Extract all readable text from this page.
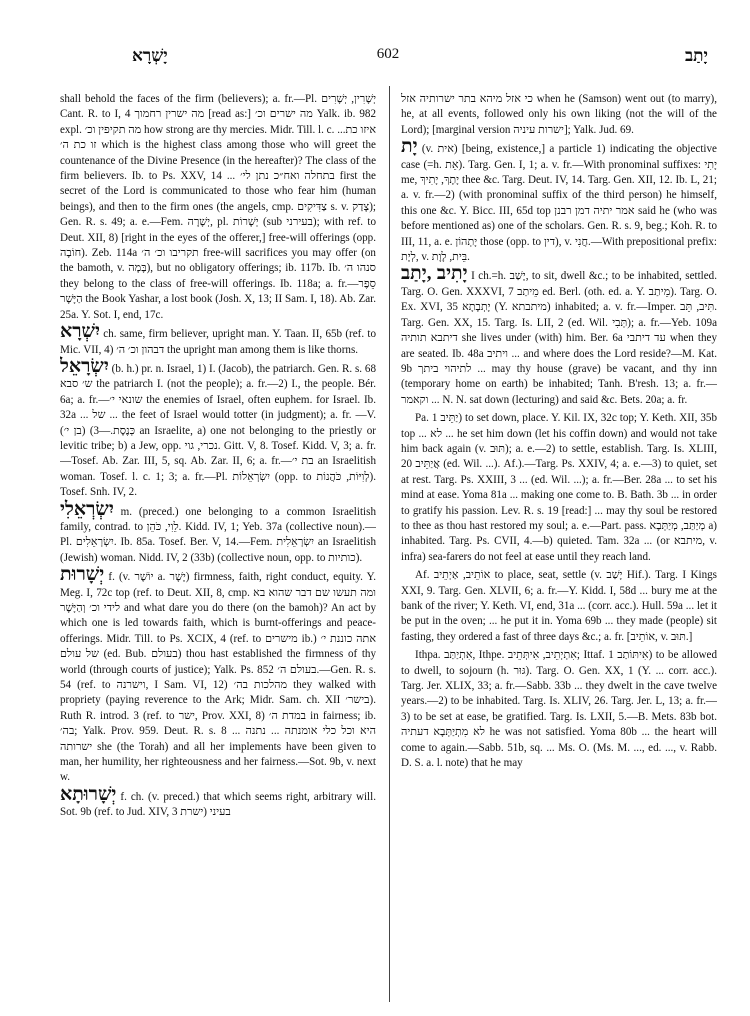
יָשְׁרָא	602	יָתַב

shall behold the faces of the firm (believers); a. fr.—Pl. יְשָׁרִין, יְשָׁרִים Cant. R. to I, 4 מה ישרין רחמוך [read as:] מה ישרים וכ׳ Yalk. ib. 982 expl. מה תקיפין וכ׳ how strong are thy mercies. Midr. Till. l. c. איזו כת... זו כת ה׳ which is the highest class among those who will greet the countenance of the Divine Presence (in the hereafter)? The class of the firm believers. Ib. to Ps. XXV, 14 ... בתחלה ואח״כ נתן לי׳ first the secret of the Lord is communicated to those who fear him (human beings), and then to the firm ones (the angels, cmp. צַדִּיקִים s. v. צָדַק); Gen. R. s. 49; a. e.—Fem. יְשָׁרָה, pl. יְשָׁרוֹת (sub בעירני); with ref. to Deut. XII, 8) [right in the eyes of the offerer,] free-will offerings (opp. חוֹבָה). Zeb. 114a תקריבו וכ׳ ה׳ free-will sacrifices you may offer (on the bamoth, v. בָּמָה), but no obligatory offerings; ib. 117b. Ib. סנהו ה׳ they belong to the class of free-will offerings. Ib. 118a; a. fr.—סֵפֶר הַיָּשָׁר the Book Yashar, a lost book (Josh. X, 13; II Sam. I, 18). Ab. Zar. 25a. Y. Sot. I, end, 17c.

יִשְׁרָא ch. same, firm believer, upright man. Y. Taan. II, 65b (ref. to Mic. VII, 4) דבהון וכ׳ ה׳ the upright man among them is like thorns.

יִשְׂרָאֵל (b. h.) pr. n. Israel, 1) I. (Jacob), the patriarch. Gen. R. s. 68 ש׳ סבא the patriarch I. (not the people); a. fr.—2) I., the people. Bér. 6a; a. fr.—שונאי י׳ the enemies of Israel, often euphem. for Israel. Ib. 32a ... של ... the feet of Israel would totter (in judgment); a. fr. —V. כְּנֶסֶת.—3) (בן י׳) an Israelite, a) one not belonging to the priestly or levitic tribe; b) a Jew, opp. נכרי, גוי. Gitt. V, 8. Tosef. Kidd. V, 3; a. fr.—Tosef. Ab. Zar. III, 5, sq. Ab. Zar. II, 6; a. fr.—בת י׳ an Israelitish woman. Tosef. l. c. 1; 3; a. fr.—Pl. יִשְׂרְאֵלוֹת (opp. to לְוִיּוֹת, כֹּהֲנוֹת). Tosef. Snh. IV, 2.

יִשְׂרְאֵלִי m. (preced.) one belonging to a common Israelitish family, contrad. to לֵוִי, כֹּהֵן. Kidd. IV, 1; Yeb. 37a (collective noun).—Pl. יִשְׂרְאֵלִים. Ib. 85a. Tosef. Ber. V, 14.—Fem. יִשְׂרְאֵלִית an Israelitish (Jewish) woman. Nidd. IV, 2 (33b) (collective noun, opp. to כותיות).

יְשָׁרוּת f. (v. יוֹשֶׁר a. יָשָׁר) firmness, faith, right conduct, equity. Y. Meg. I, 72c top (ref. to Deut. XII, 8, cmp. ומה תעשו שם דבר שהוא בא לידי וכ׳ וְהַיָּשָׁר and what dare you do there (on the bamoh)? An act by which one is led towards faith, which is burnt-offerings and peace-offerings. Midr. Till. to Ps. XCIX, 4 (ref. to מישרים ib.) אתה כוננת י׳ של עולם (ed. Bub. בעולם) thou hast established the firmness of thy world (through courts of justice); Yalk. Ps. 852 בעולם ה׳.—Gen. R. s. 54 (ref. to וישרנה, I Sam. VI, 12) מהלכות בה׳ they walked with propriety (paying reverence to the Ark; Midr. Sam. ch. XII בישר׳). Ruth R. introd. 3 (ref. to ישר, Prov. XXI, 8) במדת ה׳ in fairness; ib. בה׳; Yalk. Prov. 959. Deut. R. s. 8 היא וכל כלי אומנתה ... נתנה ... ישרותה she (the Torah) and all her implements have been given to man, her humility, her righteousness and her fairness.—Sot. 9b, v. next w.

יְשָׁרוּתָא f. ch. (v. preced.) that which seems right, arbitrary will. Sot. 9b (ref. to Jud. XIV, 3 בעיני (ישרת

כי אזל מיהא בתר ישרותיה אזל when he (Samson) went out (to marry), he, at all events, followed only his own liking (not the will of the Lord); [marginal version ישרות עיניה]; Yalk. Jud. 69.

יָת (v. אית) [being, existence,] a particle 1) indicating the objective case (=h. אֵת). Targ. Gen. I, 1; a. v. fr.—With pronominal suffixes: יָתִי me, יָתָךְ, יָתִיךְ thee &c. Targ. Deut. IV, 14. Targ. Gen. XII, 12. Ib. L, 21; a. v. fr.—2) (with pronominal suffix of the third person) he himself, this one &c. Y. Bicc. III, 65d top אמר יתיה דמן רבנן said he (who was before mentioned as) one of the scholars. Gen. R. s. 9, beg.; Koh. R. to III, 11, a. e. יָתְהוֹן those (opp. to דין), v. חֲנִי.—With prepositional prefix: לְיָת, v. בֵּית, לָוָת.

יָתִיב ,יָתַב I ch.=h. יָשַׁב, to sit, dwell &c.; to be inhabited, settled. Targ. O. Gen. XXXVI, 7 מֵיתַב ed. Berl. (oth. ed. a. Y. מֵיתַב). Targ. O. Ex. XVI, 35 יָתְבָתָא (Y. מיתבתא) inhabited; a. v. fr.—Imper. תִּיב, תֵּב. Targ. Gen. XX, 15. Targ. Is. LII, 2 (ed. Wil. תְּבִי); a. fr.—Yeb. 109a דיתבא תותיה she lives under (with) him. Ber. 6a עד דיתבי when they are seated. Ib. 48a ויתיב ... and where does the Lord reside?—M. Kat. 9b לתיהוי ביתך ... may thy house (grave) be vacant, and thy inn (temporary home on earth) be inhabited; Tanh. B'resh. 13; a. fr.—וקאמר ... N. N. sat down (lecturing) and said &c. Bets. 20a; a. fr.

Pa. יַתֵּיב 1) to set down, place. Y. Kil. IX, 32c top; Y. Keth. XII, 35b top ... לא ... he set him down (let his coffin down) and would not take him back again (v. תּוּב); a. e.—2) to settle, establish. Targ. Is. XLIII, 20 אֲיַתֵּיב (ed. Wil. ...). Af.).—Targ. Ps. XXIV, 4; a. e.—3) to quiet, set at rest. Targ. Ps. XXIII, 3 ... (ed. Wil. ...); a. fr.—Ber. 28a ... to set his mind at ease. Yoma 81a ... making one come to. B. Bath. 3b ... in order to gratify his passion. Lev. R. s. 19 [read:] ... may thy soul be restored to thee as thou hast restored my soul; a. e.—Part. pass. מְיַתַּב, מְיַתְּבָא a) inhabited. Targ. Ps. CVII, 4.—b) quieted. Tam. 32a ... (or מיתבא, v. infra) sea-farers do not feel at ease until they reach land.

Af. אוֹתֵיב, אַיְתֵיב to place, seat, settle (v. יָשַׁב Hif.). Targ. I Kings XXI, 9. Targ. Gen. XLVII, 6; a. fr.—Y. Kidd. I, 58d ... bury me at the bank of the river; Y. Keth. VI, end, 31a ... (corr. acc.). Hull. 59a ... let it be put in the oven; ... he put it in. Yoma 69b ... they made (people) sit fasting, they ordered a fast of three days &c.; a. fr. [אוֹתֵיב, v. תּוּב.]

Ithpa. אִתְיַתַּב, Ithpe. אִתְיְתֵיב, אִיתְּתֵיב; Ittaf. אִיתּוֹתַב 1) to be allowed to dwell, to sojourn (h. גּוּר). Targ. O. Gen. XX, 1 (Y. ... corr. acc.). Targ. Jer. XLIX, 33; a. fr.—Sabb. 33b ... they dwelt in the cave twelve years.—2) to be inhabited. Targ. Is. XLIV, 26. Targ. Jer. L, 13; a. fr.—3) to be set at ease, be gratified. Targ. Is. LXII, 5.—B. Mets. 83b bot. לא מִתְיַתְּבָא דעתיה he was not satisfied. Yoma 80b ... the heart will come to again.—Sabb. 51b, sq. ... Ms. O. (Ms. M. ..., ed. ..., v. Rabb. D. S. a. l. note) that he may
